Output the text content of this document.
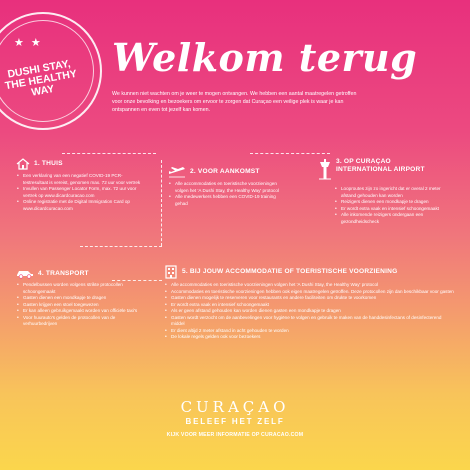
★ ★
DUSHI STAY,
THE HEALTHY
WAY
Welkom terug
We kunnen niet wachten om je weer te mogen ontvangen. We hebben een aantal maatregelen getroffen voor onze bevolking en bezoekers om ervoor te zorgen dat Curaçao een veilige plek is waar je kan ontspannen en even tot jezelf kan komen.
1. THUIS
• Een verklaring van een negatief COVID-19 PCR-testresultaat is vereist, genomen max. 72 uur voor vertrek
• Invullen van Passenger Locator Form, max. 72 uur voor vertrek op www.dicardcuracao.com
• Online registratie met de Digital Immigration Card op www.dicardcuracao.com
2. VOOR AANKOMST
• Alle accommodaties en toeristische voorzieningen volgen het 'A Dushi Stay, the Healthy Way' protocol
• Alle medewerkers hebben een COVID-19 training gehad
3. OP CURAÇAO INTERNATIONAL AIRPORT
• Looproutes zijn zo ingericht dat er overal 2 meter afstand gehouden kan worden
• Reizigers dienen een mondkapje te dragen
• Er wordt extra vaak en intensief schoongemaakt
• Alle inkomende reizigers ondergaan een gezondheidscheck
4. TRANSPORT
• Pendelbussen worden volgens strikte protocollen schoongemaakt
• Gasten dienen een mondkapje te dragen
• Gasten krijgen een stoel toegewezen
• Er kan alleen gebruikgemaakt worden van officiële taxi's
• Voor huurauto's gelden de protocollen van de verhuurbedrijven
5. BIJ JOUW ACCOMMODATIE OF TOERISTISCHE VOORZIENING
• Alle accommodaties en toeristische voorzieningen volgen het 'A Dushi Stay, the Healthy Way' protocol
• Accommodaties en toeristische voorzieningen hebben ook eigen maatregelen getroffen. Deze protocollen zijn dan beschikbaar voor gasten
• Gasten dienen mogelijk te reserveren voor restaurants en andere faciliteiten om drukte te voorkomen
• Er wordt extra vaak en intensief schoongemaakt
• Als er geen afstand gehouden kan worden dienen gasten een mondkapje te dragen
• Gasten wordt verzocht om de aanbevelingen voor hygiëne te volgen en gebruik te maken van de handdesinfectans of desinfecterend middel
• Er dient altijd 2 meter afstand in acht gehouden te worden
• De lokale regels gelden ook voor bezoekers
CURAÇAO
BELEEF HET ZELF
KIJK VOOR MEER INFORMATIE OP CURACAO.COM
